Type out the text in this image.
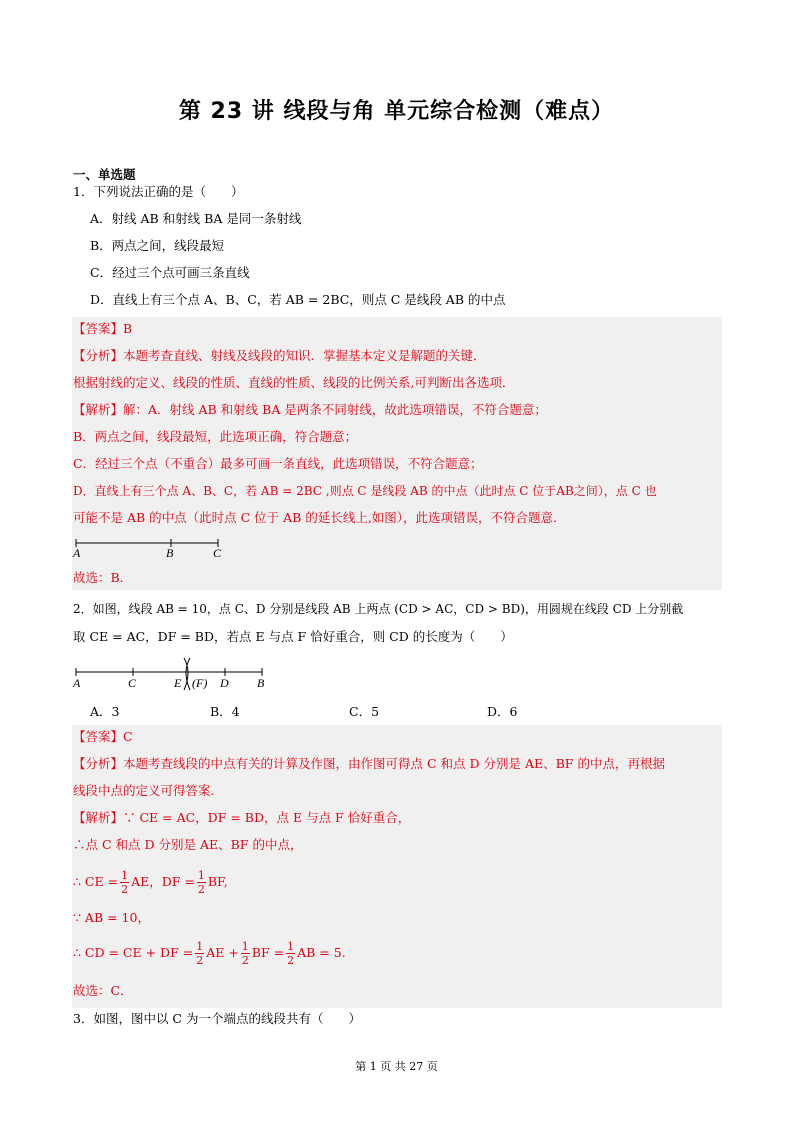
第 23 讲 线段与角 单元综合检测（难点）
一、单选题
1．下列说法正确的是（　　）
A．射线 AB 和射线 BA 是同一条射线
B．两点之间，线段最短
C．经过三个点可画三条直线
D．直线上有三个点 A、B、C，若 AB = 2BC，则点 C 是线段 AB 的中点
【答案】B
【分析】本题考查直线、射线及线段的知识．掌握基本定义是解题的关键．
根据射线的定义、线段的性质、直线的性质、线段的比例关系,可判断出各选项．
【解析】解：A．射线 AB 和射线 BA 是两条不同射线，故此选项错误，不符合题意；
B．两点之间，线段最短，此选项正确，符合题意；
C．经过三个点（不重合）最多可画一条直线，此选项错误，不符合题意；
D．直线上有三个点 A、B、C，若 AB = 2BC ,则点 C 是线段 AB 的中点（此时点 C 位于AB之间），点 C 也
可能不是 AB 的中点（此时点 C 位于 AB 的延长线上,如图），此选项错误，不符合题意．
A	B	C
故选：B．
2．如图，线段 AB = 10，点 C、D 分别是线段 AB 上两点 (CD > AC，CD > BD)，用圆规在线段 CD 上分别截
取 CE = AC，DF = BD，若点 E 与点 F 恰好重合，则 CD 的长度为（　　）
A	C	E (F) D B
A．3	B．4	C．5	D．6
【答案】C
【分析】本题考查线段的中点有关的计算及作图，由作图可得点 C 和点 D 分别是 AE、BF 的中点，再根据
线段中点的定义可得答案.
【解析】∵ CE = AC，DF = BD，点 E 与点 F 恰好重合，
∴点 C 和点 D 分别是 AE、BF 的中点，
∴ CE = $\frac{1}{2}$ AE，DF = $\frac{1}{2}$ BF,
∵ AB = 10，
∴ CD = CE + DF = $\frac{1}{2}$ AE + $\frac{1}{2}$ BF = $\frac{1}{2}$ AB = 5.
故选：C．
3．如图，图中以 C 为一个端点的线段共有（　　）
第 1 页 共 27 页
